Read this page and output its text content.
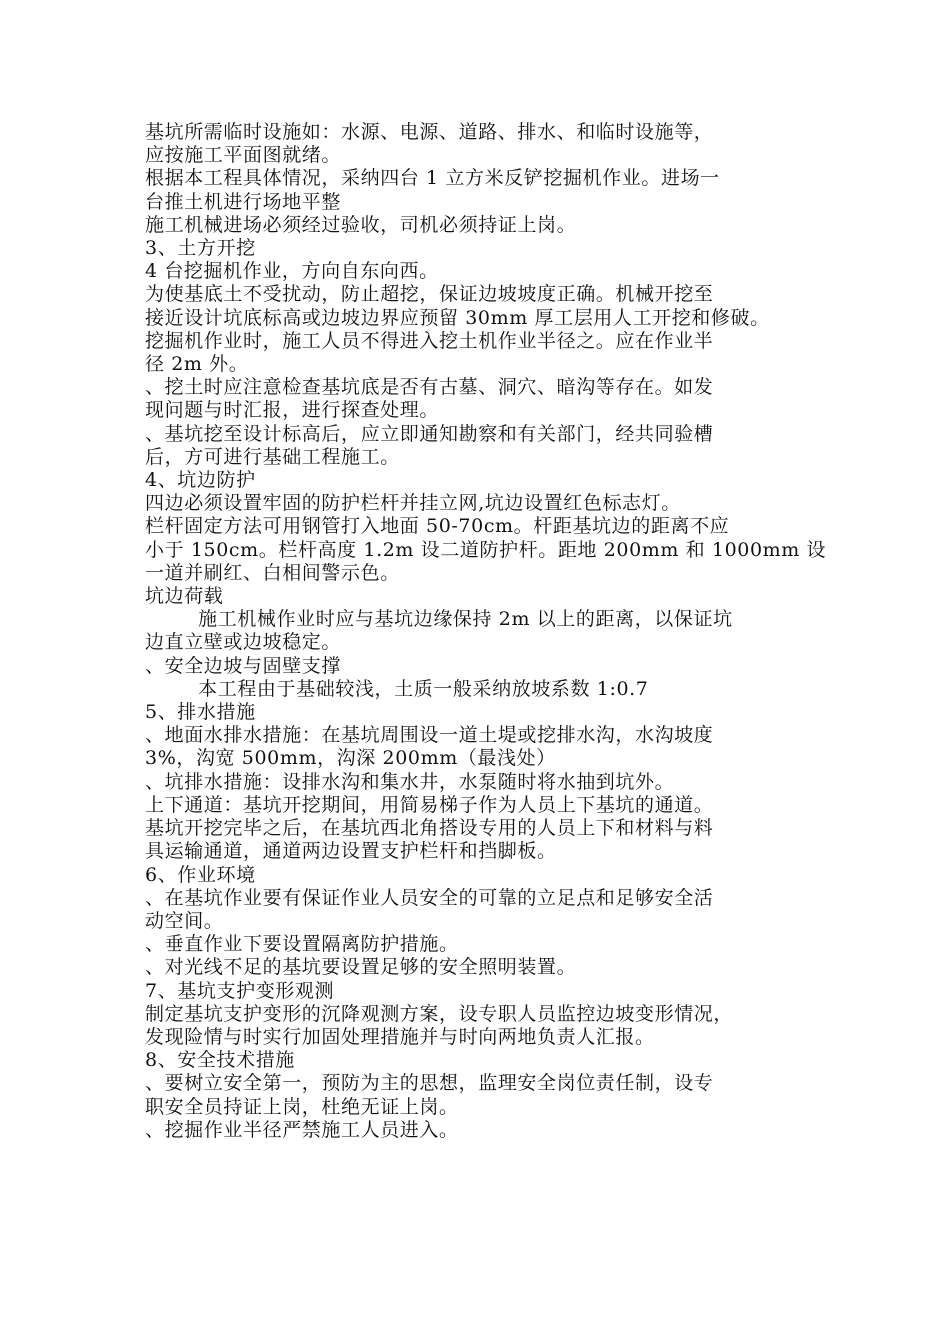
基坑所需临时设施如：水源、电源、道路、排水、和临时设施等，
应按施工平面图就绪。
根据本工程具体情况，采纳四台 1 立方米反铲挖掘机作业。进场一
台推土机进行场地平整
施工机械进场必须经过验收，司机必须持证上岗。
3、土方开挖
4 台挖掘机作业，方向自东向西。
为使基底土不受扰动，防止超挖，保证边坡坡度正确。机械开挖至
接近设计坑底标高或边坡边界应预留 30mm 厚工层用人工开挖和修破。
挖掘机作业时，施工人员不得进入挖土机作业半径之。应在作业半
径 2m 外。
、挖土时应注意检查基坑底是否有古墓、洞穴、暗沟等存在。如发
现问题与时汇报，进行探查处理。
、基坑挖至设计标高后，应立即通知勘察和有关部门，经共同验槽
后，方可进行基础工程施工。
4、坑边防护
四边必须设置牢固的防护栏杆并挂立网,坑边设置红色标志灯。
栏杆固定方法可用钢管打入地面 50-70cm。杆距基坑边的距离不应
小于 150cm。栏杆高度 1.2m 设二道防护杆。距地 200mm 和 1000mm 设
一道并刷红、白相间警示色。
坑边荷载
施工机械作业时应与基坑边缘保持 2m 以上的距离，以保证坑
边直立壁或边坡稳定。
、安全边坡与固壁支撑
本工程由于基础较浅，土质一般采纳放坡系数 1:0.7
5、排水措施
、地面水排水措施：在基坑周围设一道土堤或挖排水沟，水沟坡度
3%，沟宽 500mm，沟深 200mm（最浅处）
、坑排水措施：设排水沟和集水井，水泵随时将水抽到坑外。
上下通道：基坑开挖期间，用简易梯子作为人员上下基坑的通道。
基坑开挖完毕之后，在基坑西北角搭设专用的人员上下和材料与料
具运输通道，通道两边设置支护栏杆和挡脚板。
6、作业环境
、在基坑作业要有保证作业人员安全的可靠的立足点和足够安全活
动空间。
、垂直作业下要设置隔离防护措施。
、对光线不足的基坑要设置足够的安全照明装置。
7、基坑支护变形观测
制定基坑支护变形的沉降观测方案，设专职人员监控边坡变形情况，
发现险情与时实行加固处理措施并与时向两地负责人汇报。
8、安全技术措施
、要树立安全第一，预防为主的思想，监理安全岗位责任制，设专
职安全员持证上岗，杜绝无证上岗。
、挖掘作业半径严禁施工人员进入。
